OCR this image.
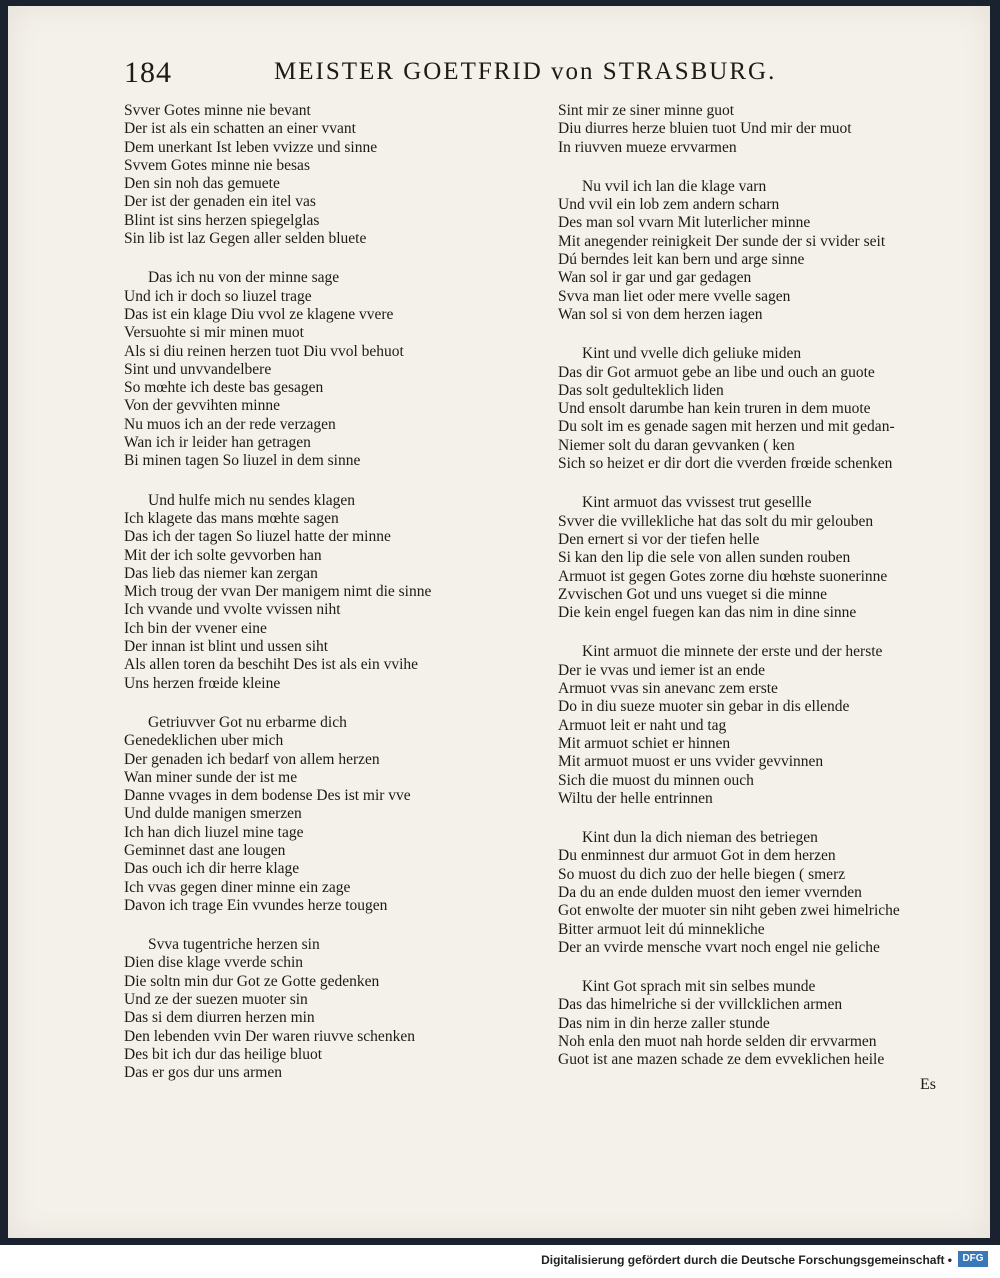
184	MEISTER GOETFRID von STRASBURG.
Svver Gotes minne nie bevant
Der ist als ein schatten an einer vvant
Dem unerkant Ist leben vvizze und sinne
Svvem Gotes minne nie besas
Den sin noh das gemuete
Der ist der genaden ein itel vas
Blint ist sins herzen spiegelglas
Sin lib ist laz Gegen aller selden bluete
Das ich nu von der minne sage
Und ich ir doch so liuzel trage
Das ist ein klage Diu vvol ze klagene vvere
Versuohte si mir minen muot
Als si diu reinen herzen tuot Diu vvol behuot
Sint und unvvandelbere
So mœhte ich deste bas gesagen
Von der gevvihten minne
Nu muos ich an der rede verzagen
Wan ich ir leider han getragen
Bi minen tagen So liuzel in dem sinne
Und hulfe mich nu sendes klagen
Ich klagete das mans mœhte sagen
Das ich der tagen So liuzel hatte der minne
Mit der ich solte gevvorben han
Das lieb das niemer kan zergan
Mich troug der vvan Der manigem nimt die sinne
Ich vvande und vvolte vvissen niht
Ich bin der vvener eine
Der innan ist blint und ussen siht
Als allen toren da beschiht Des ist als ein vvihe
Uns herzen frœide kleine
Getriuvver Got nu erbarme dich
Genedeklichen uber mich
Der genaden ich bedarf von allem herzen
Wan miner sunde der ist me
Danne vvages in dem bodense Des ist mir vve
Und dulde manigen smerzen
Ich han dich liuzel mine tage
Geminnet dast ane lougen
Das ouch ich dir herre klage
Ich vvas gegen diner minne ein zage
Davon ich trage Ein vvundes herze tougen
Svva tugentriche herzen sin
Dien dise klage vverde schin
Die soltn min dur Got ze Gotte gedenken
Und ze der suezen muoter sin
Das si dem diurren herzen min
Den lebenden vvin Der waren riuvve schenken
Des bit ich dur das heilige bluot
Das er gos dur uns armen
Sint mir ze siner minne guot
Diu diurres herze bluien tuot Und mir der muot
In riuvven mueze ervvarmen
Nu vvil ich lan die klage varn
Und vvil ein lob zem andern scharn
Des man sol vvarn Mit luterlicher minne
Mit anegender reinigkeit Der sunde der si vvider seit
Dú berndes leit kan bern und arge sinne
Wan sol ir gar und gar gedagen
Svva man liet oder mere vvelle sagen
Wan sol si von dem herzen iagen
Kint und vvelle dich geliuke miden
Das dir Got armuot gebe an libe und ouch an guote
Das solt gedulteklich liden
Und ensolt darumbe han kein truren in dem muote
Du solt im es genade sagen mit herzen und mit gedan-
Niemer solt du daran gevvanken ( ken
Sich so heizet er dir dort die vverden frœide schenken
Kint armuot das vvissest trut gesellle
Svver die vvillekliche hat das solt du mir gelouben
Den ernert si vor der tiefen helle
Si kan den lip die sele von allen sunden rouben
Armuot ist gegen Gotes zorne diu hœhste suonerinne
Zvvischen Got und uns vueget si die minne
Die kein engel fuegen kan das nim in dine sinne
Kint armuot die minnete der erste und der herste
Der ie vvas und iemer ist an ende
Armuot vvas sin anevanc zem erste
Do in diu sueze muoter sin gebar in dis ellende
Armuot leit er naht und tag
Mit armuot schiet er hinnen
Mit armuot muost er uns vvider gevvinnen
Sich die muost du minnen ouch
Wiltu der helle entrinnen
Kint dun la dich nieman des betriegen
Du enminnest dur armuot Got in dem herzen
So muost du dich zuo der helle biegen ( smerz
Da du an ende dulden muost den iemer vvernden
Got enwolte der muoter sin niht geben zwei himelriche
Bitter armuot leit dú minnekliche
Der an vvirde mensche vvart noch engel nie geliche
Kint Got sprach mit sin selbes munde
Das das himelriche si der vvillcklichen armen
Das nim in din herze zaller stunde
Noh enla den muot nah horde selden dir ervvarmen
Guot ist ane mazen schade ze dem evveklichen heile
Es
Digitalisierung gefördert durch die Deutsche Forschungsgemeinschaft •	DFG
